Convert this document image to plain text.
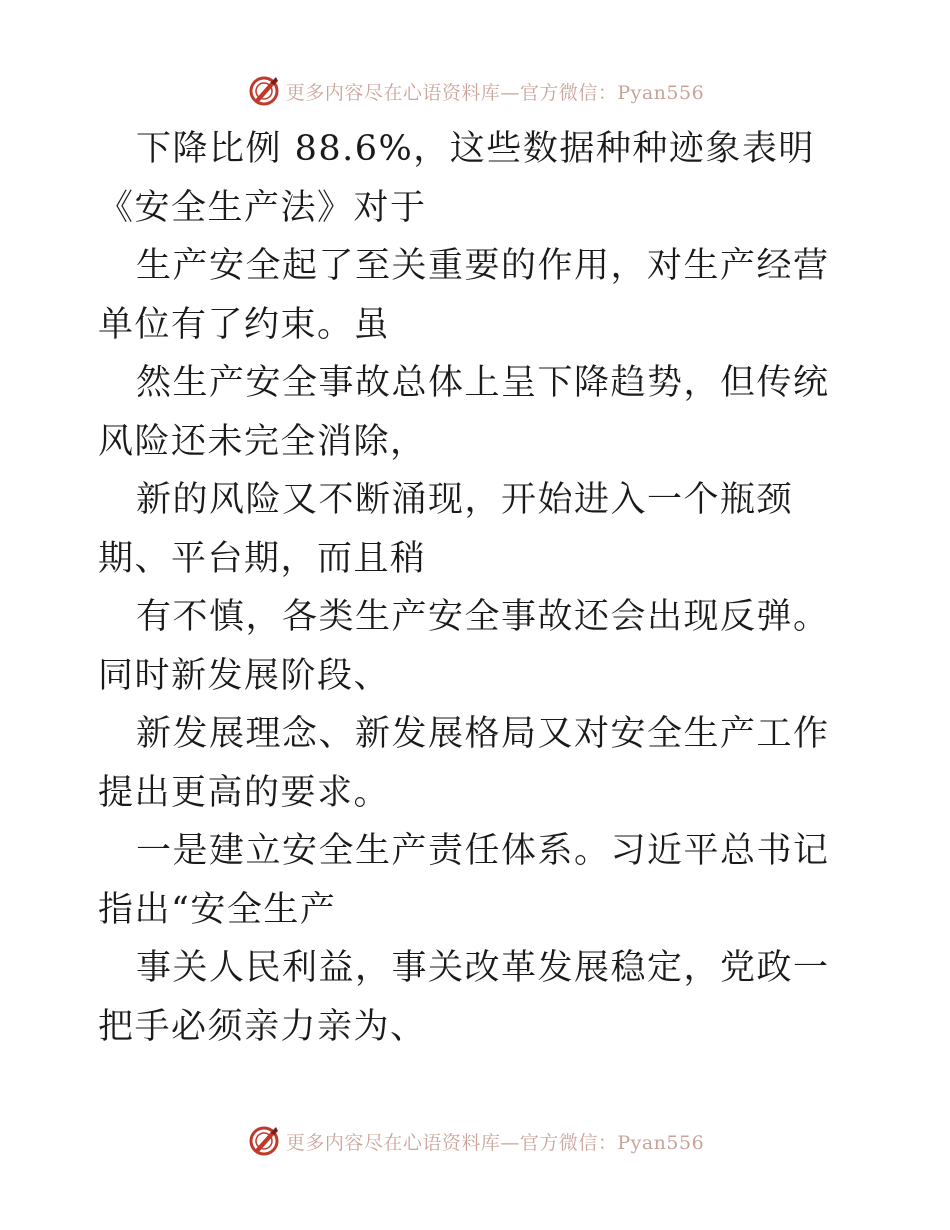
更多内容尽在心语资料库—官方微信：Pyan556

下降比例 88.6%，这些数据种种迹象表明《安全生产法》对于

生产安全起了至关重要的作用，对生产经营单位有了约束。虽

然生产安全事故总体上呈下降趋势，但传统风险还未完全消除，

新的风险又不断涌现，开始进入一个瓶颈期、平台期，而且稍

有不慎，各类生产安全事故还会出现反弹。同时新发展阶段、

新发展理念、新发展格局又对安全生产工作提出更高的要求。

一是建立安全生产责任体系。习近平总书记指出“安全生产

事关人民利益，事关改革发展稳定，党政一把手必须亲力亲为、

更多内容尽在心语资料库—官方微信：Pyan556
